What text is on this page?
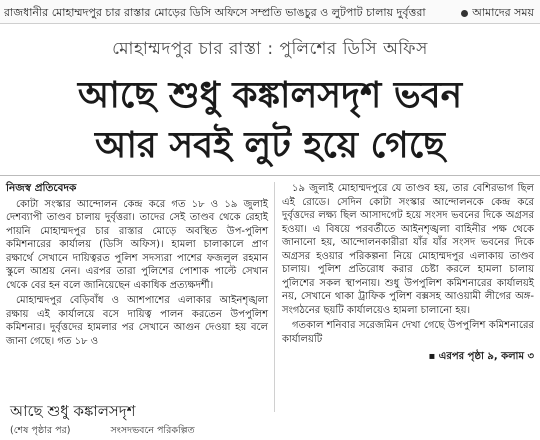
রাজধানীর মোহাম্মদপুর চার রাস্তার মোড়ের ডিসি অফিসে সম্প্রতি ভাঙচুর ও লুটপাট চালায় দুর্বৃত্তরা	আমাদের সময়
মোহাম্মদপুর চার রাস্তা : পুলিশের ডিসি অফিস
আছে শুধু কঙ্কালসদৃশ ভবন
আর সবই লুট হয়ে গেছে
নিজস্ব প্রতিবেদক
কোটা সংস্কার আন্দোলন কেন্দ্র করে গত ১৮ ও ১৯ জুলাই দেশব্যাপী তাণ্ডব চালায় দুর্বৃত্তরা। তাদের সেই তাণ্ডব থেকে রেহাই পায়নি মোহাম্মদপুর চার রাস্তার মোড়ে অবস্থিত উপ-পুলিশ কমিশনারের কার্যালয় (ডিসি অফিস)। হামলা চালাকালে প্রাণ রক্ষার্থে সেখানে দায়িত্বরত পুলিশ সদস্যরা পাশের ফজলুল রহমান স্কুলে আশ্রয় নেন। এরপর তারা পুলিশের পোশাক পাল্টে সেখান থেকে বের হন বলে জানিয়েছেন একাধিক প্রত্যক্ষদর্শী।
মোহাম্মদপুর বেড়িবাঁধ ও আশপাশের এলাকার আইনশৃঙ্খলা রক্ষায় এই কার্যালয়ে বসে দায়িত্ব পালন করতেন উপপুলিশ কমিশনার। দুর্বৃত্তদের হামলার পর সেখানে আগুন দেওয়া হয় বলে জানা গেছে। গত ১৮ ও
১৯ জুলাই মোহাম্মদপুরে যে তাণ্ডব হয়, তার বেশিরভাগ ছিল এই রোডে। সেদিন কোটা সংস্কার আন্দোলনকে কেন্দ্র করে দুর্বৃত্তদের লক্ষ্য ছিল আসাদগেট হয়ে সংসদ ভবনের দিকে অগ্রসর হওয়া। এ বিষয়ে পরবর্তীতে আইনশৃঙ্খলা বাহিনীর পক্ষ থেকে জানানো হয়, আন্দোলনকারীরা যাঁর যাঁর সংসদ ভবনের দিকে অগ্রসর হওয়ার পরিকল্পনা নিয়ে মোহাম্মদপুর এলাকায় তাণ্ডব চালায়। পুলিশ প্রতিরোধ করার চেষ্টা করলে হামলা চালায় পুলিশের সকল স্থাপনায়। শুধু উপপুলিশ কমিশনারের কার্যালয়ই নয়, সেখানে থাকা ট্রাফিক পুলিশ বক্সসহ আওয়ামী লীগের অঙ্গ-সংগঠনের ছয়টি কার্যালয়েও হামলা চালানো হয়।
গতকাল শনিবার সরেজমিন দেখা গেছে উপপুলিশ কমিশনারের কার্যালয়টি
▪ এরপর পৃষ্ঠা ৯, কলাম ৩
আছে শুধু কঙ্কালসদৃশ
(শেষ পৃষ্ঠার পর)	সংসদভবনে পরিকল্পিত
